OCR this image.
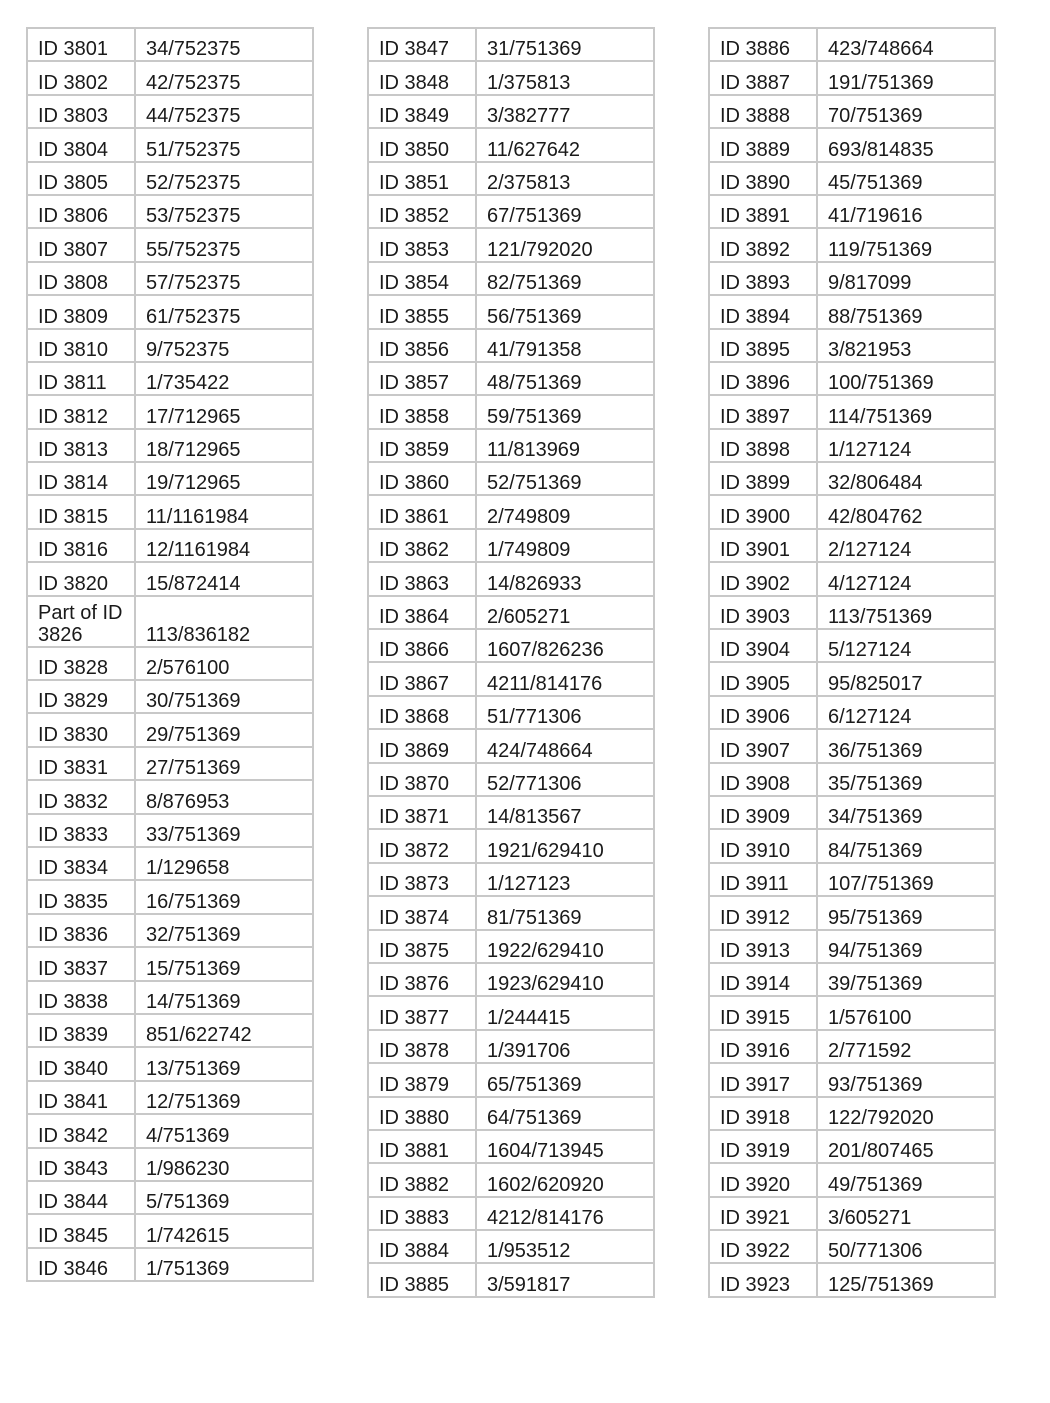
ID 3801	34/752375
ID 3802	42/752375
ID 3803	44/752375
ID 3804	51/752375
ID 3805	52/752375
ID 3806	53/752375
ID 3807	55/752375
ID 3808	57/752375
ID 3809	61/752375
ID 3810	9/752375
ID 3811	1/735422
ID 3812	17/712965
ID 3813	18/712965
ID 3814	19/712965
ID 3815	11/1161984
ID 3816	12/1161984
ID 3820	15/872414
Part of ID 3826	113/836182
ID 3828	2/576100
ID 3829	30/751369
ID 3830	29/751369
ID 3831	27/751369
ID 3832	8/876953
ID 3833	33/751369
ID 3834	1/129658
ID 3835	16/751369
ID 3836	32/751369
ID 3837	15/751369
ID 3838	14/751369
ID 3839	851/622742
ID 3840	13/751369
ID 3841	12/751369
ID 3842	4/751369
ID 3843	1/986230
ID 3844	5/751369
ID 3845	1/742615
ID 3846	1/751369
ID 3847	31/751369
ID 3848	1/375813
ID 3849	3/382777
ID 3850	11/627642
ID 3851	2/375813
ID 3852	67/751369
ID 3853	121/792020
ID 3854	82/751369
ID 3855	56/751369
ID 3856	41/791358
ID 3857	48/751369
ID 3858	59/751369
ID 3859	11/813969
ID 3860	52/751369
ID 3861	2/749809
ID 3862	1/749809
ID 3863	14/826933
ID 3864	2/605271
ID 3866	1607/826236
ID 3867	4211/814176
ID 3868	51/771306
ID 3869	424/748664
ID 3870	52/771306
ID 3871	14/813567
ID 3872	1921/629410
ID 3873	1/127123
ID 3874	81/751369
ID 3875	1922/629410
ID 3876	1923/629410
ID 3877	1/244415
ID 3878	1/391706
ID 3879	65/751369
ID 3880	64/751369
ID 3881	1604/713945
ID 3882	1602/620920
ID 3883	4212/814176
ID 3884	1/953512
ID 3885	3/591817
ID 3886	423/748664
ID 3887	191/751369
ID 3888	70/751369
ID 3889	693/814835
ID 3890	45/751369
ID 3891	41/719616
ID 3892	119/751369
ID 3893	9/817099
ID 3894	88/751369
ID 3895	3/821953
ID 3896	100/751369
ID 3897	114/751369
ID 3898	1/127124
ID 3899	32/806484
ID 3900	42/804762
ID 3901	2/127124
ID 3902	4/127124
ID 3903	113/751369
ID 3904	5/127124
ID 3905	95/825017
ID 3906	6/127124
ID 3907	36/751369
ID 3908	35/751369
ID 3909	34/751369
ID 3910	84/751369
ID 3911	107/751369
ID 3912	95/751369
ID 3913	94/751369
ID 3914	39/751369
ID 3915	1/576100
ID 3916	2/771592
ID 3917	93/751369
ID 3918	122/792020
ID 3919	201/807465
ID 3920	49/751369
ID 3921	3/605271
ID 3922	50/771306
ID 3923	125/751369
